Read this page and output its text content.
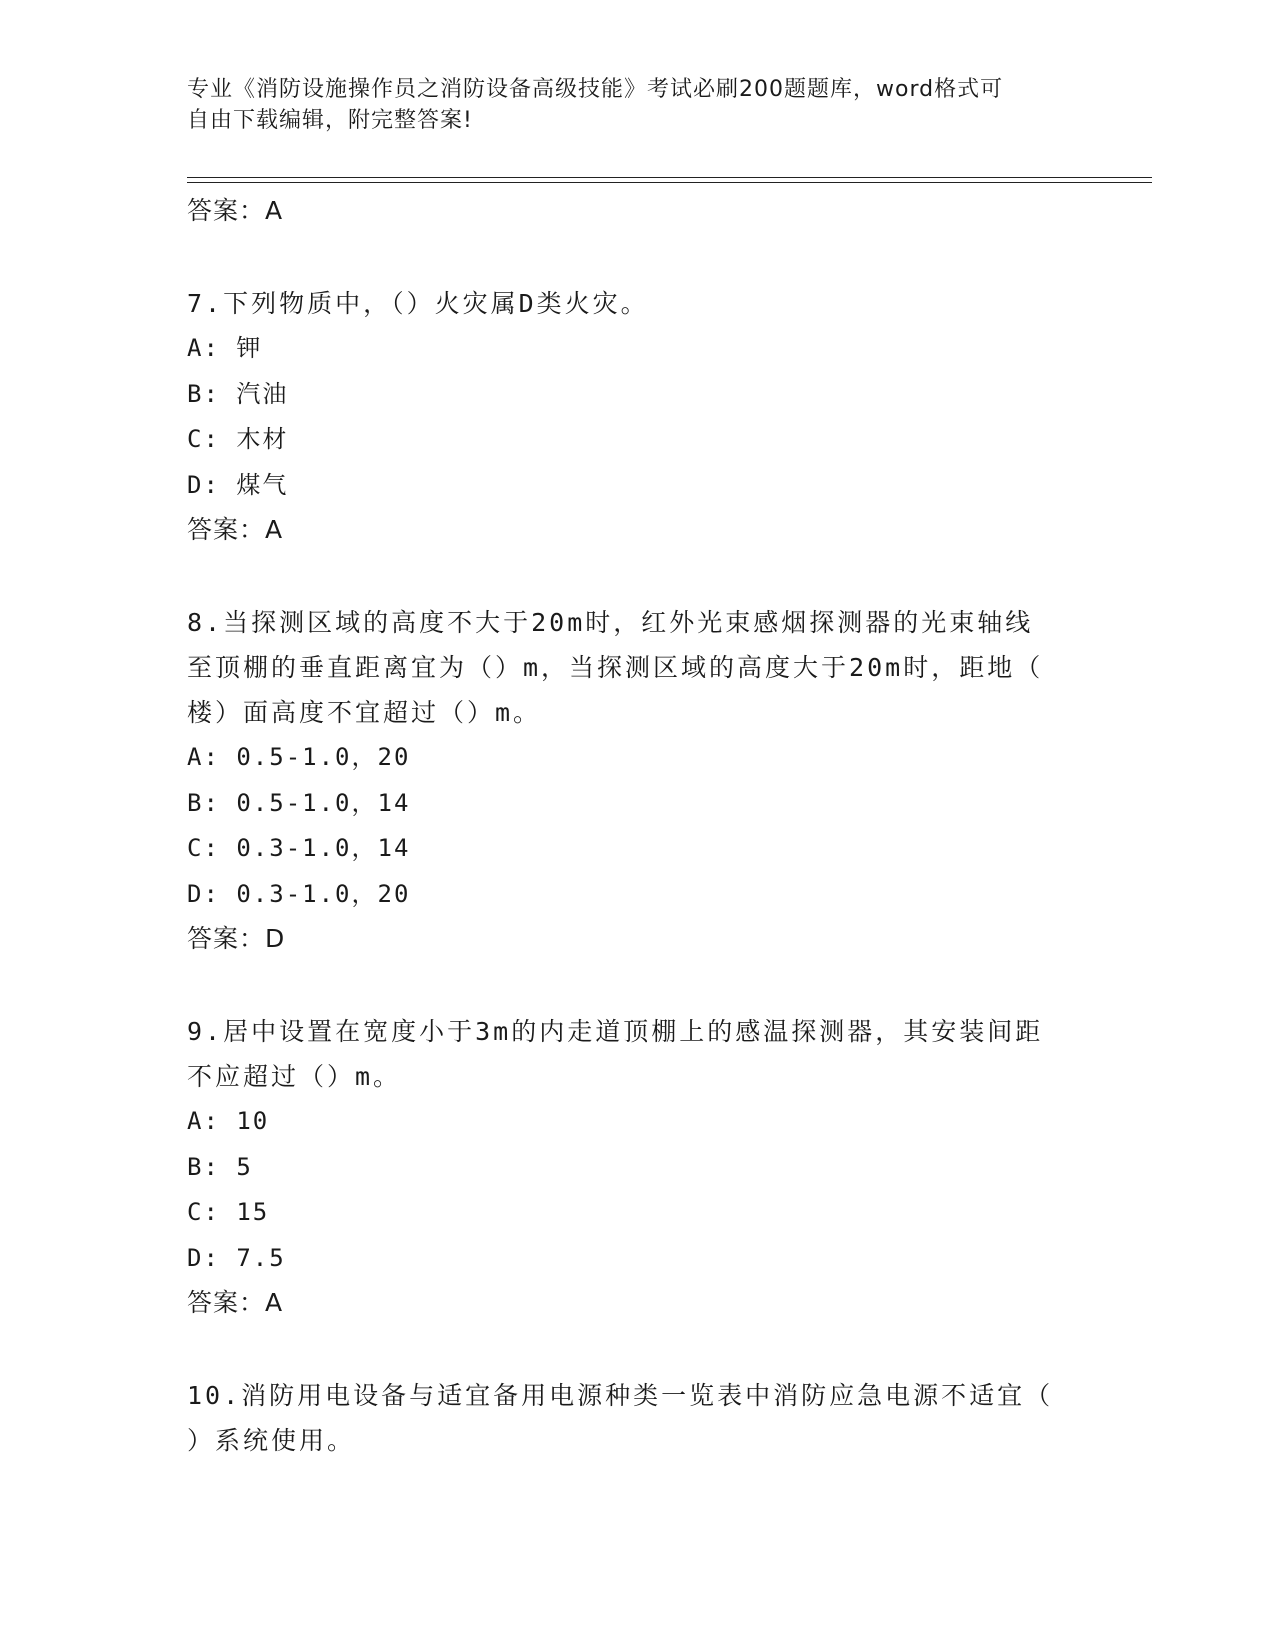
专业《消防设施操作员之消防设备高级技能》考试必刷200题题库，word格式可
自由下载编辑，附完整答案!
答案：A
7.下列物质中，（）火灾属D类火灾。
A: 钾
B: 汽油
C: 木材
D: 煤气
答案：A
8.当探测区域的高度不大于20m时，红外光束感烟探测器的光束轴线
至顶棚的垂直距离宜为（）m，当探测区域的高度大于20m时，距地（
楼）面高度不宜超过（）m。
A: 0.5-1.0，20
B: 0.5-1.0，14
C: 0.3-1.0，14
D: 0.3-1.0，20
答案：D
9.居中设置在宽度小于3m的内走道顶棚上的感温探测器，其安装间距
不应超过（）m。
A: 10
B: 5
C: 15
D: 7.5
答案：A
10.消防用电设备与适宜备用电源种类一览表中消防应急电源不适宜（
）系统使用。
